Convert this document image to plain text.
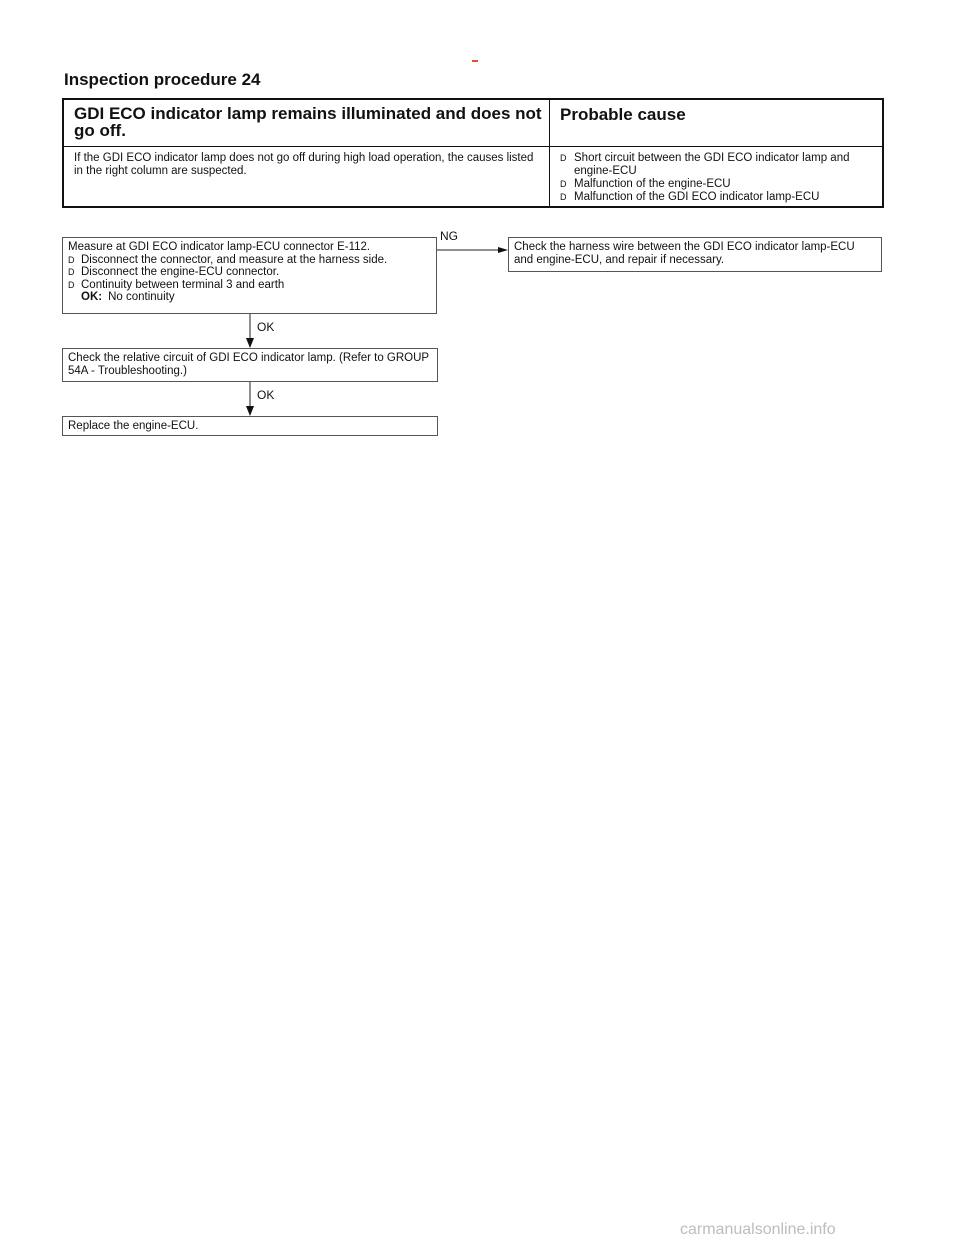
Inspection procedure 24
GDI ECO indicator lamp remains illuminated and does not go off.
Probable cause
If the GDI ECO indicator lamp does not go off during high load operation, the causes listed in the right column are suspected.
D Short circuit between the GDI ECO indicator lamp and engine-ECU
D Malfunction of the engine-ECU
D Malfunction of the GDI ECO indicator lamp-ECU
Measure at GDI ECO indicator lamp-ECU connector E-112.
D Disconnect the connector, and measure at the harness side.
D Disconnect the engine-ECU connector.
D Continuity between terminal 3 and earth
OK: No continuity
NG
Check the harness wire between the GDI ECO indicator lamp-ECU and engine-ECU, and repair if necessary.
OK
Check the relative circuit of GDI ECO indicator lamp. (Refer to GROUP 54A - Troubleshooting.)
OK
Replace the engine-ECU.
carmanualsonline.info
